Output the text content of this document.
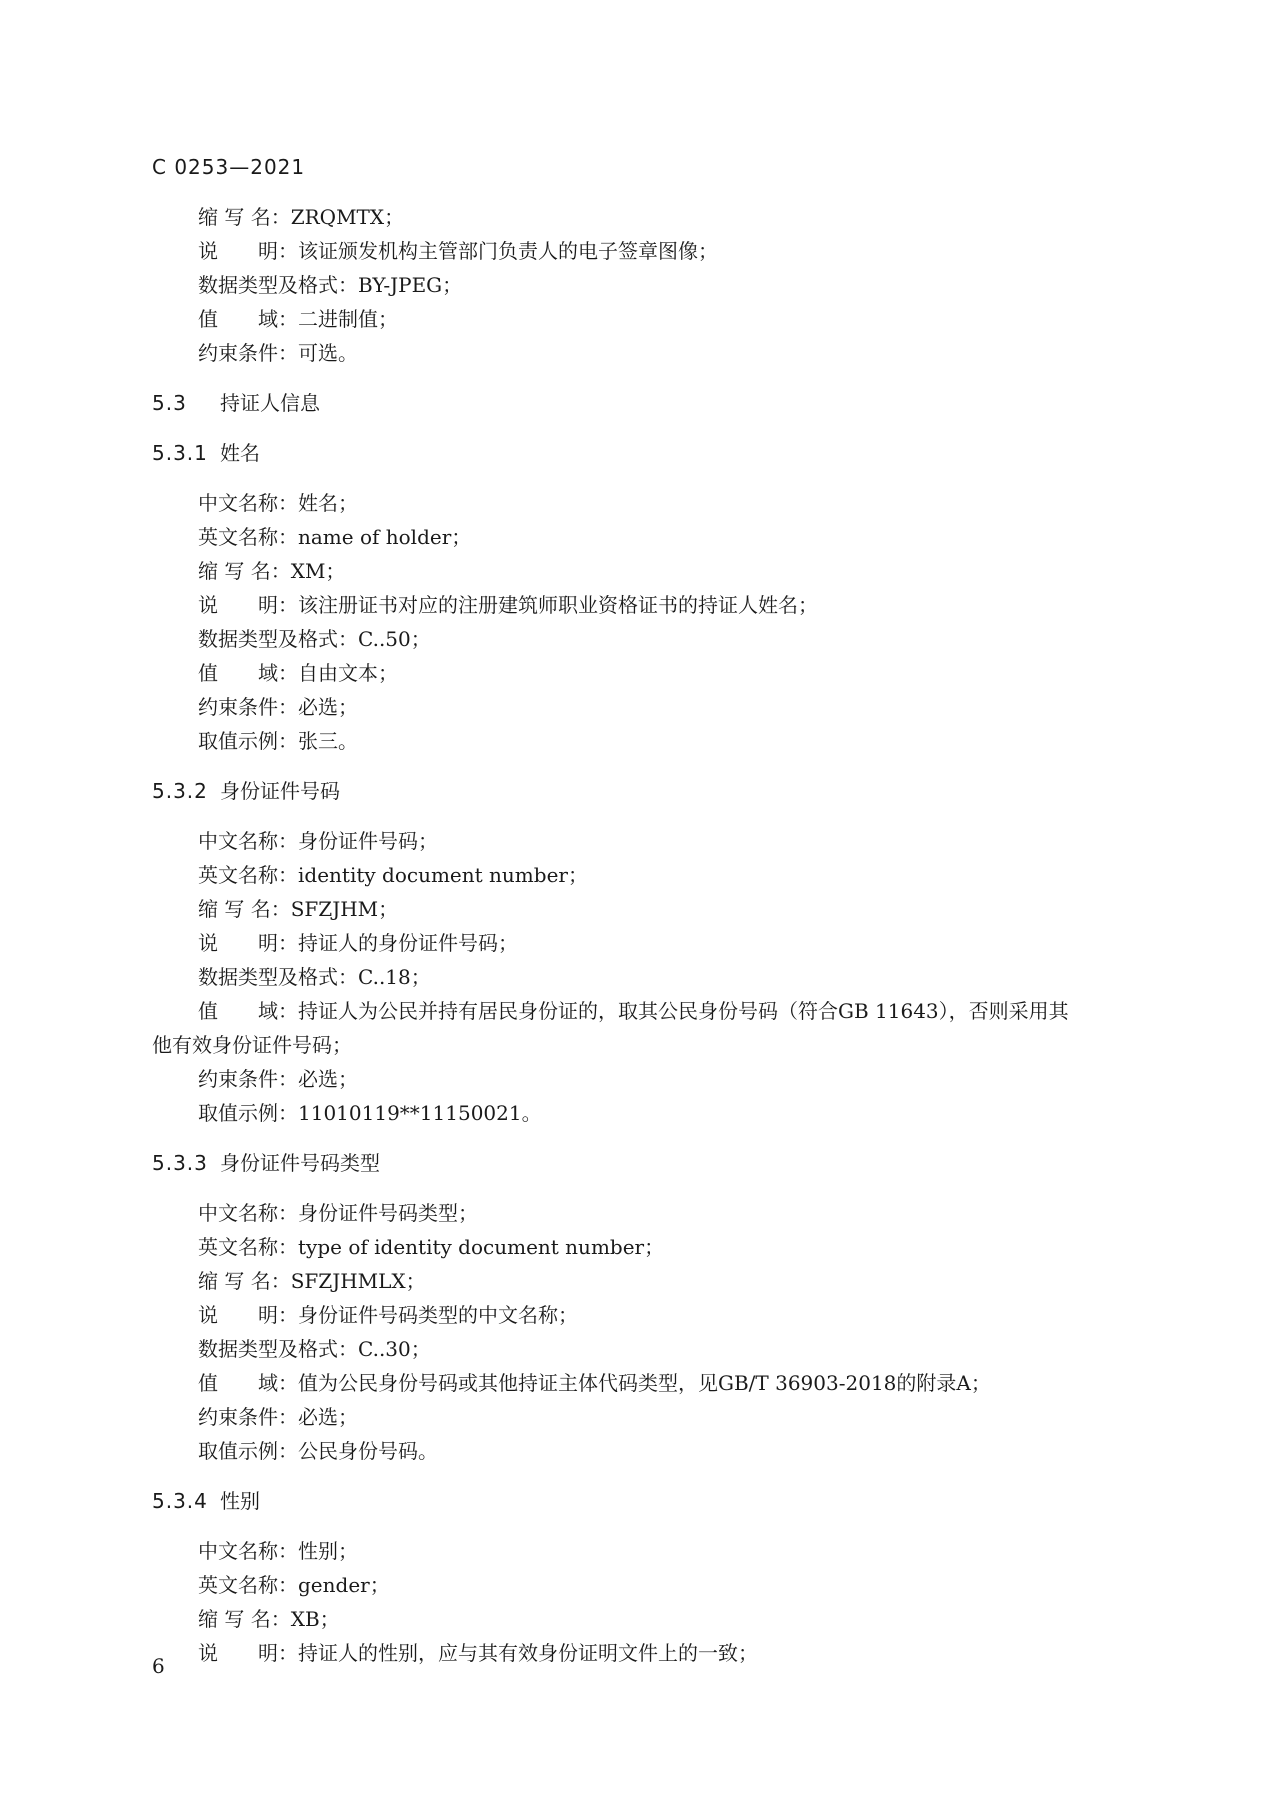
C 0253—2021
缩 写 名：ZRQMTX；
说　　明：该证颁发机构主管部门负责人的电子签章图像；
数据类型及格式：BY-JPEG；
值　　域：二进制值；
约束条件：可选。
5.3 持证人信息
5.3.1 姓名
中文名称：姓名；
英文名称：name of holder；
缩 写 名：XM；
说　　明：该注册证书对应的注册建筑师职业资格证书的持证人姓名；
数据类型及格式：C..50；
值　　域：自由文本；
约束条件：必选；
取值示例：张三。
5.3.2 身份证件号码
中文名称：身份证件号码；
英文名称：identity document number；
缩 写 名：SFZJHM；
说　　明：持证人的身份证件号码；
数据类型及格式：C..18；
值　　域：持证人为公民并持有居民身份证的，取其公民身份号码（符合GB 11643），否则采用其
他有效身份证件号码；
约束条件：必选；
取值示例：11010119**11150021。
5.3.3 身份证件号码类型
中文名称：身份证件号码类型；
英文名称：type of identity document number；
缩 写 名：SFZJHMLX；
说　　明：身份证件号码类型的中文名称；
数据类型及格式：C..30；
值　　域：值为公民身份号码或其他持证主体代码类型，见GB/T 36903-2018的附录A；
约束条件：必选；
取值示例：公民身份号码。
5.3.4 性别
中文名称：性别；
英文名称：gender；
缩 写 名：XB；
说　　明：持证人的性别，应与其有效身份证明文件上的一致；
6
